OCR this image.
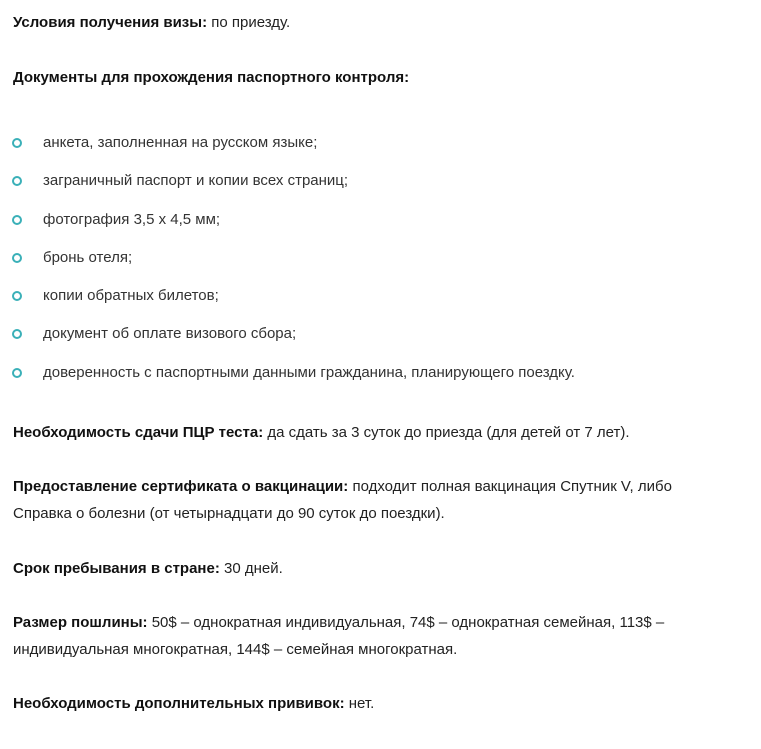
Условия получения визы: по приезду.

Документы для прохождения паспортного контроля:

анкета, заполненная на русском языке;
заграничный паспорт и копии всех страниц;
фотография 3,5 х 4,5 мм;
бронь отеля;
копии обратных билетов;
документ об оплате визового сбора;
доверенность с паспортными данными гражданина, планирующего поездку.

Необходимость сдачи ПЦР теста: да сдать за 3 суток до приезда (для детей от 7 лет).

Предоставление сертификата о вакцинации: подходит полная вакцинация Спутник V, либо Справка о болезни (от четырнадцати до 90 суток до поездки).

Срок пребывания в стране: 30 дней.

Размер пошлины: 50$ – однократная индивидуальная, 74$ – однократная семейная, 113$ – индивидуальная многократная, 144$ – семейная многократная.

Необходимость дополнительных прививок: нет.
